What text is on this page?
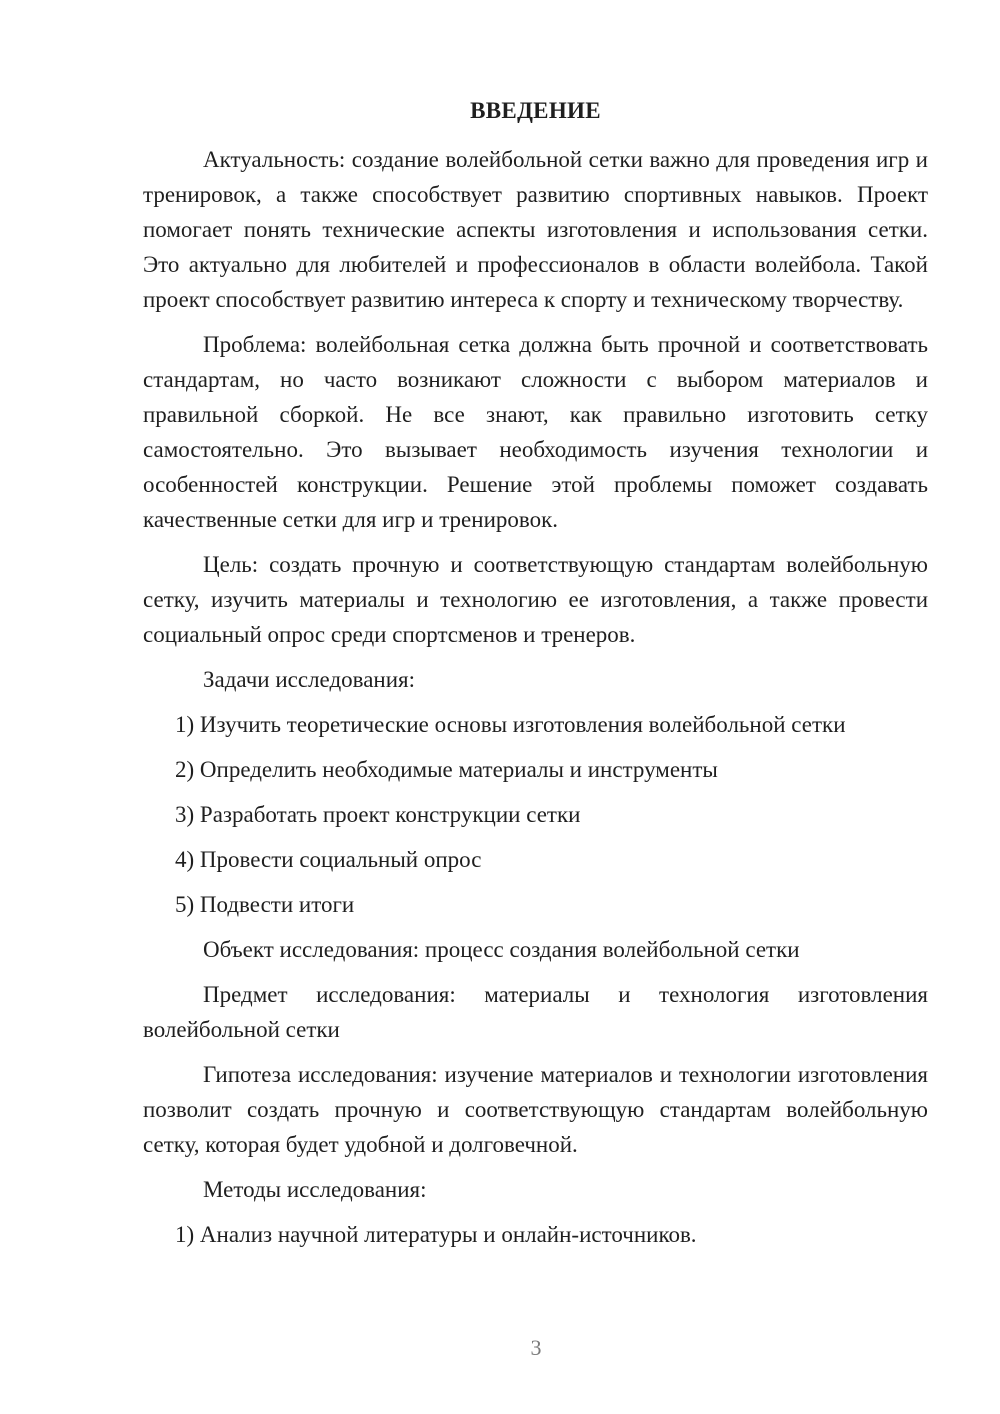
ВВЕДЕНИЕ

Актуальность: создание волейбольной сетки важно для проведения игр и тренировок, а также способствует развитию спортивных навыков. Проект помогает понять технические аспекты изготовления и использования сетки. Это актуально для любителей и профессионалов в области волейбола. Такой проект способствует развитию интереса к спорту и техническому творчеству.

Проблема: волейбольная сетка должна быть прочной и соответствовать стандартам, но часто возникают сложности с выбором материалов и правильной сборкой. Не все знают, как правильно изготовить сетку самостоятельно. Это вызывает необходимость изучения технологии и особенностей конструкции. Решение этой проблемы поможет создавать качественные сетки для игр и тренировок.

Цель: создать прочную и соответствующую стандартам волейбольную сетку, изучить материалы и технологию ее изготовления, а также провести социальный опрос среди спортсменов и тренеров.

Задачи исследования:

1) Изучить теоретические основы изготовления волейбольной сетки

2) Определить необходимые материалы и инструменты

3) Разработать проект конструкции сетки

4) Провести социальный опрос

5) Подвести итоги

Объект исследования: процесс создания волейбольной сетки

Предмет исследования: материалы и технология изготовления волейбольной сетки

Гипотеза исследования: изучение материалов и технологии изготовления позволит создать прочную и соответствующую стандартам волейбольную сетку, которая будет удобной и долговечной.

Методы исследования:

1) Анализ научной литературы и онлайн-источников.

3
